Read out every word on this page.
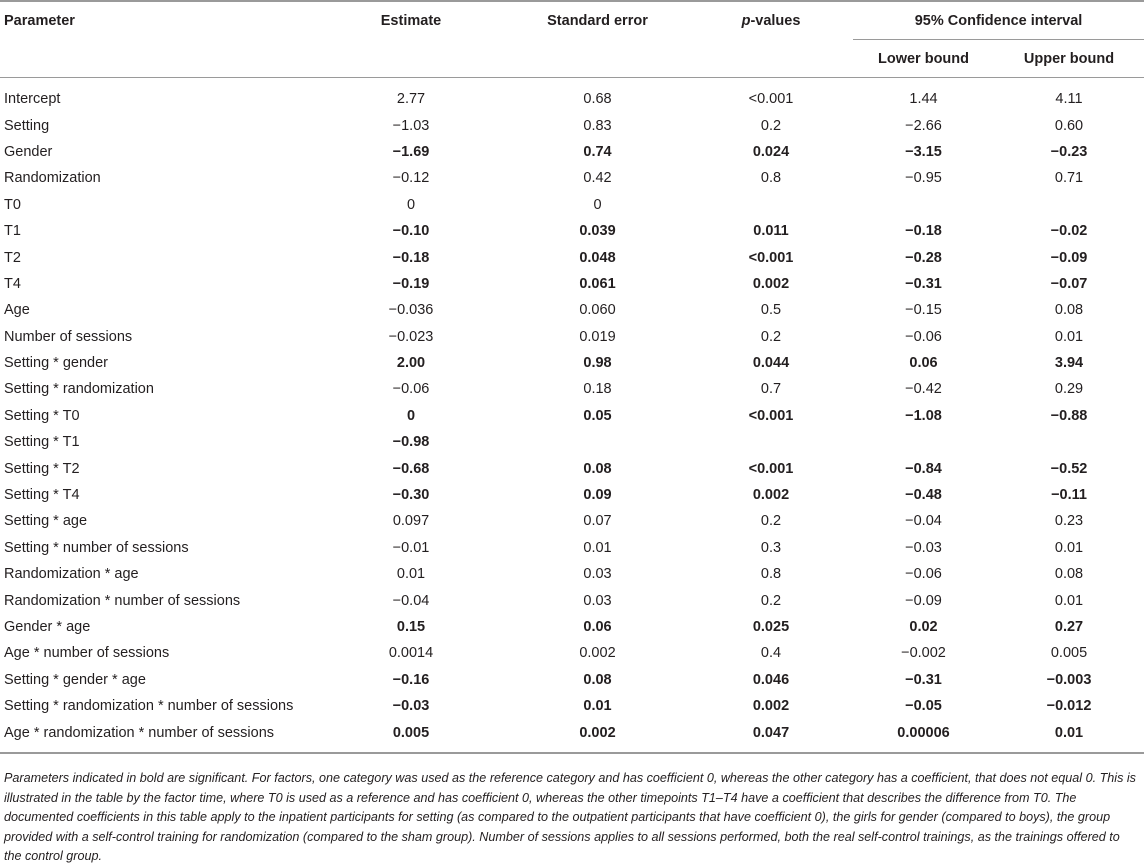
Parameter	Estimate	Standard error	p-values	95% Confidence interval	
				Lower bound	Upper bound
Intercept	2.77	0.68	<0.001	1.44	4.11
Setting	−1.03	0.83	0.2	−2.66	0.60
Gender	−1.69	0.74	0.024	−3.15	−0.23
Randomization	−0.12	0.42	0.8	−0.95	0.71
T0	0	0			
T1	−0.10	0.039	0.011	−0.18	−0.02
T2	−0.18	0.048	<0.001	−0.28	−0.09
T4	−0.19	0.061	0.002	−0.31	−0.07
Age	−0.036	0.060	0.5	−0.15	0.08
Number of sessions	−0.023	0.019	0.2	−0.06	0.01
Setting * gender	2.00	0.98	0.044	0.06	3.94
Setting * randomization	−0.06	0.18	0.7	−0.42	0.29
Setting * T0	0	0.05	<0.001	−1.08	−0.88
Setting * T1	−0.98				
Setting * T2	−0.68	0.08	<0.001	−0.84	−0.52
Setting * T4	−0.30	0.09	0.002	−0.48	−0.11
Setting * age	0.097	0.07	0.2	−0.04	0.23
Setting * number of sessions	−0.01	0.01	0.3	−0.03	0.01
Randomization * age	0.01	0.03	0.8	−0.06	0.08
Randomization * number of sessions	−0.04	0.03	0.2	−0.09	0.01
Gender * age	0.15	0.06	0.025	0.02	0.27
Age * number of sessions	0.0014	0.002	0.4	−0.002	0.005
Setting * gender * age	−0.16	0.08	0.046	−0.31	−0.003
Setting * randomization * number of sessions	−0.03	0.01	0.002	−0.05	−0.012
Age * randomization * number of sessions	0.005	0.002	0.047	0.00006	0.01
Parameters indicated in bold are significant. For factors, one category was used as the reference category and has coefficient 0, whereas the other category has a coefficient, that does not equal 0. This is illustrated in the table by the factor time, where T0 is used as a reference and has coefficient 0, whereas the other timepoints T1–T4 have a coefficient that describes the difference from T0. The documented coefficients in this table apply to the inpatient participants for setting (as compared to the outpatient participants that have coefficient 0), the girls for gender (compared to boys), the group provided with a self-control training for randomization (compared to the sham group). Number of sessions applies to all sessions performed, both the real self-control trainings, as the trainings offered to the control group.
